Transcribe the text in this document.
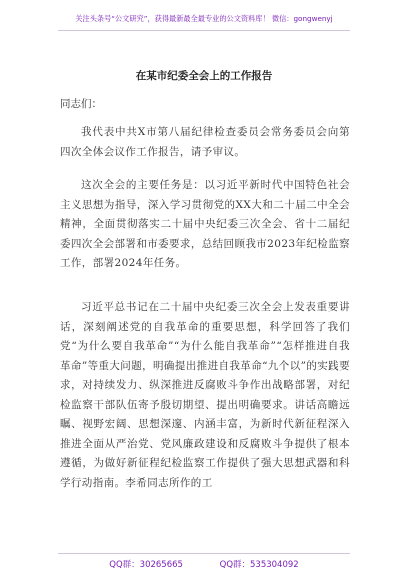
关注头条号“公文研究”，获得最新最全最专业的公文资料库！ 微信：gongwenyj
在某市纪委全会上的工作报告
同志们：

我代表中共X市第八届纪律检查委员会常务委员会向第四次全体会议作工作报告，请予审议。

这次全会的主要任务是：以习近平新时代中国特色社会主义思想为指导，深入学习贯彻党的XX大和二十届二中全会精神，全面贯彻落实二十届中央纪委三次全会、省十二届纪委四次全会部署和市委要求，总结回顾我市2023年纪检监察工作，部署2024年任务。

习近平总书记在二十届中央纪委三次全会上发表重要讲话，深刻阐述党的自我革命的重要思想，科学回答了我们党“为什么要自我革命”“为什么能自我革命”“怎样推进自我革命”等重大问题，明确提出推进自我革命“九个以”的实践要求，对持续发力、纵深推进反腐败斗争作出战略部署，对纪检监察干部队伍寄予殷切期望、提出明确要求。讲话高瞻远瞩、视野宏阔、思想深邃、内涵丰富，为新时代新征程深入推进全面从严治党、党风廉政建设和反腐败斗争提供了根本遵循，为做好新征程纪检监察工作提供了强大思想武器和科学行动指南。李希同志所作的工

QQ群：30265665	QQ群：535304092
